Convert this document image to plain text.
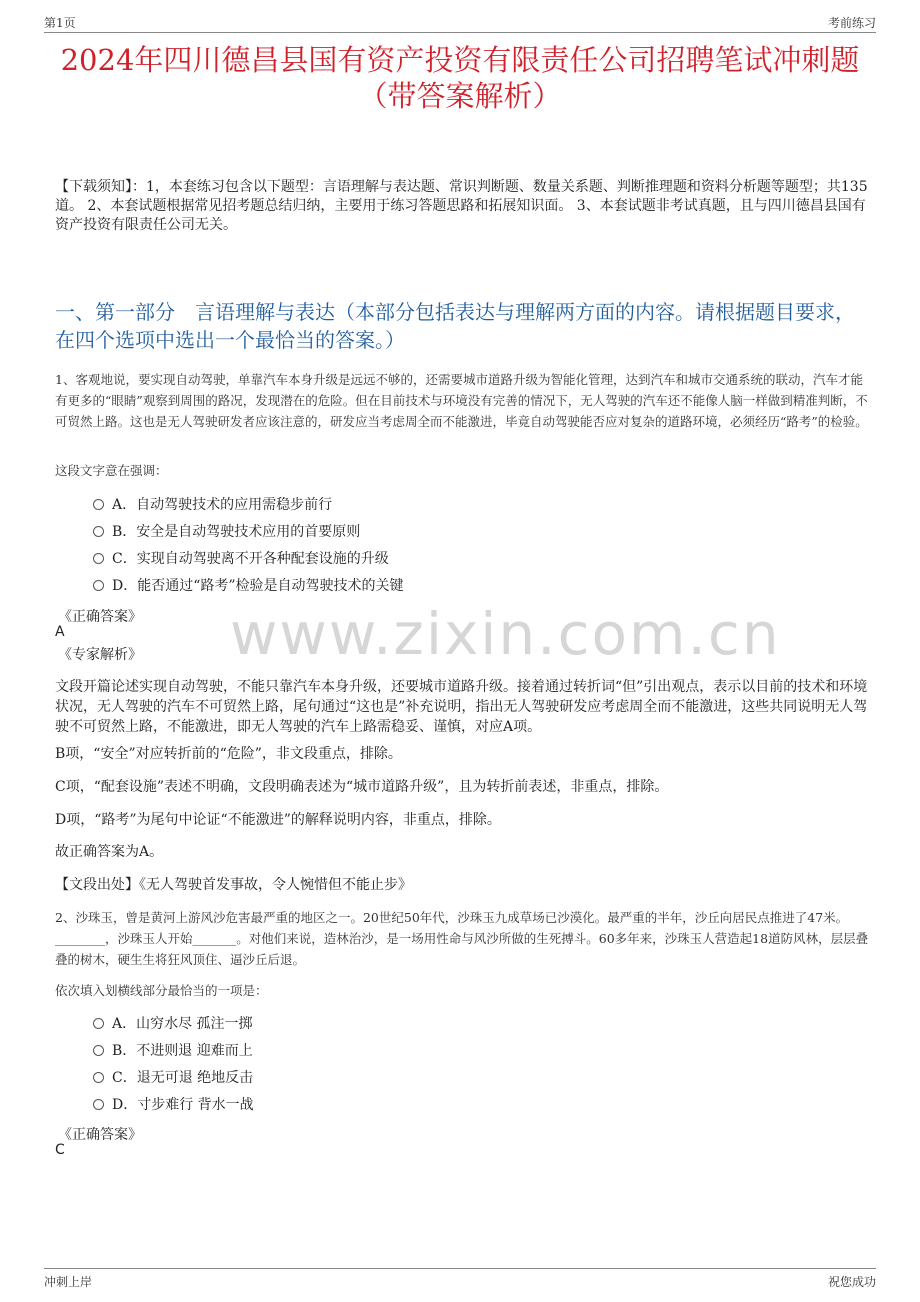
第1页	考前练习
2024年四川德昌县国有资产投资有限责任公司招聘笔试冲刺题
（带答案解析）
【下载须知】：1，本套练习包含以下题型：言语理解与表达题、常识判断题、数量关系题、判断推理题和资料分析题等题型；共135道。 2、本套试题根据常见招考题总结归纳，主要用于练习答题思路和拓展知识面。 3、本套试题非考试真题，且与四川德昌县国有资产投资有限责任公司无关。
一、第一部分　言语理解与表达（本部分包括表达与理解两方面的内容。请根据题目要求，在四个选项中选出一个最恰当的答案。）
www.zixin.com.cn
1、客观地说，要实现自动驾驶，单靠汽车本身升级是远远不够的，还需要城市道路升级为智能化管理，达到汽车和城市交通系统的联动，汽车才能有更多的“眼睛”观察到周围的路况，发现潜在的危险。但在目前技术与环境没有完善的情况下，无人驾驶的汽车还不能像人脑一样做到精准判断，不可贸然上路。这也是无人驾驶研发者应该注意的，研发应当考虑周全而不能激进，毕竟自动驾驶能否应对复杂的道路环境，必须经历“路考”的检验。
这段文字意在强调：
A．自动驾驶技术的应用需稳步前行
B．安全是自动驾驶技术应用的首要原则
C．实现自动驾驶离不开各种配套设施的升级
D．能否通过“路考”检验是自动驾驶技术的关键
《正确答案》
A
《专家解析》
文段开篇论述实现自动驾驶，不能只靠汽车本身升级，还要城市道路升级。接着通过转折词“但”引出观点，表示以目前的技术和环境状况，无人驾驶的汽车不可贸然上路，尾句通过“这也是”补充说明，指出无人驾驶研发应考虑周全而不能激进，这些共同说明无人驾驶不可贸然上路，不能激进，即无人驾驶的汽车上路需稳妥、谨慎，对应A项。
B项，“安全”对应转折前的“危险”，非文段重点，排除。
C项，“配套设施”表述不明确，文段明确表述为“城市道路升级”，且为转折前表述，非重点，排除。
D项，“路考”为尾句中论证“不能激进”的解释说明内容，非重点，排除。
故正确答案为A。
【文段出处】《无人驾驶首发事故，令人惋惜但不能止步》
2、沙珠玉，曾是黄河上游风沙危害最严重的地区之一。20世纪50年代，沙珠玉九成草场已沙漠化。最严重的半年，沙丘向居民点推进了47米。________，沙珠玉人开始_______。对他们来说，造林治沙，是一场用性命与风沙所做的生死搏斗。60多年来，沙珠玉人营造起18道防风林，层层叠叠的树木，硬生生将狂风顶住、逼沙丘后退。
依次填入划横线部分最恰当的一项是：
A．山穷水尽 孤注一掷
B．不进则退 迎难而上
C．退无可退 绝地反击
D．寸步难行 背水一战
《正确答案》
C
冲刺上岸	祝您成功
